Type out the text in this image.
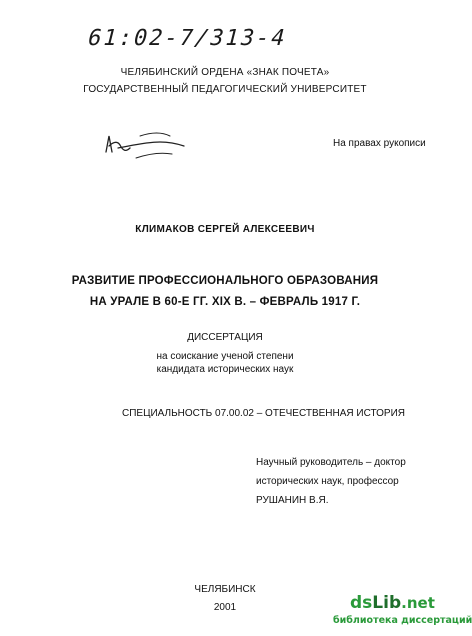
61:02-7/313-4
ЧЕЛЯБИНСКИЙ ОРДЕНА «ЗНАК ПОЧЕТА»
ГОСУДАРСТВЕННЫЙ ПЕДАГОГИЧЕСКИЙ УНИВЕРСИТЕТ
На правах рукописи
КЛИМАКОВ СЕРГЕЙ АЛЕКСЕЕВИЧ
РАЗВИТИЕ ПРОФЕССИОНАЛЬНОГО ОБРАЗОВАНИЯ
НА УРАЛЕ В 60-Е ГГ. XIX В. – ФЕВРАЛЬ 1917 Г.
ДИССЕРТАЦИЯ
на соискание ученой степени
кандидата исторических наук
СПЕЦИАЛЬНОСТЬ 07.00.02 – ОТЕЧЕСТВЕННАЯ ИСТОРИЯ
Научный руководитель – доктор
исторических наук, профессор
РУШАНИН В.Я.
ЧЕЛЯБИНСК
2001	dsLib.net
библиотека диссертаций
